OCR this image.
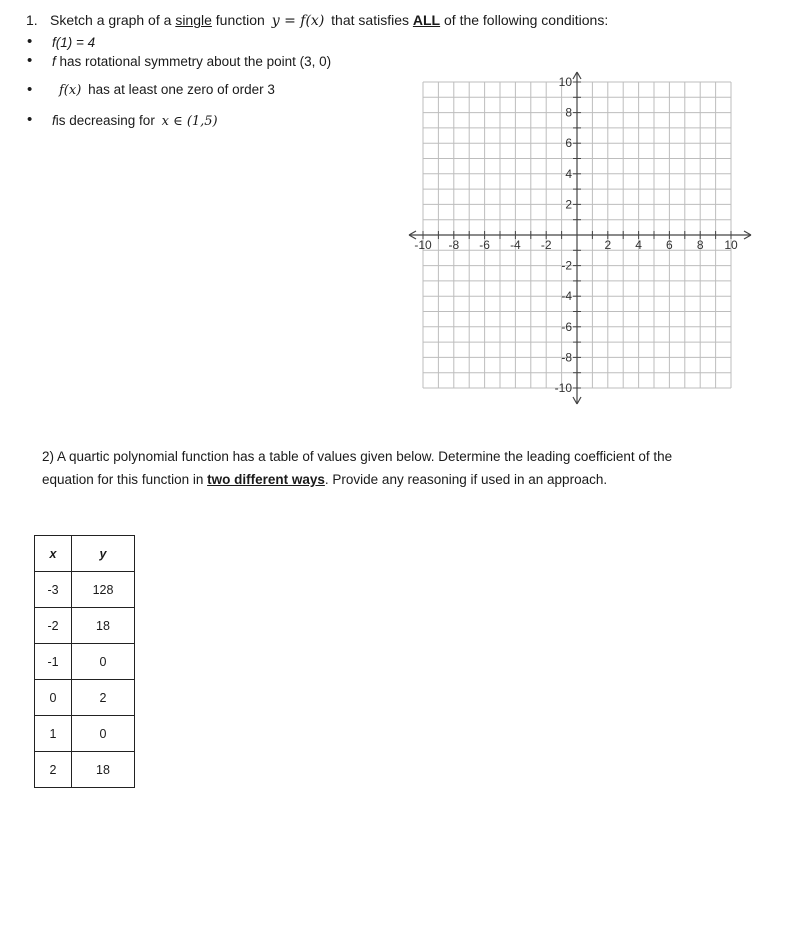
1. Sketch a graph of a single function y = f(x) that satisfies ALL of the following conditions:
• f(1) = 4
• f has rotational symmetry about the point (3, 0)
• f(x) has at least one zero of order 3
• fis decreasing for x ∈ (1,5)
-10 -8 -6 -4 -2	2 4 6 8 10
10
8
6
4
2
-2
-4
-6
-8
-10
2) A quartic polynomial function has a table of values given below. Determine the leading coefficient of the
equation for this function in two different ways. Provide any reasoning if used in an approach.
x	y
-3	128
-2	18
-1	0
0	2
1	0
2	18
